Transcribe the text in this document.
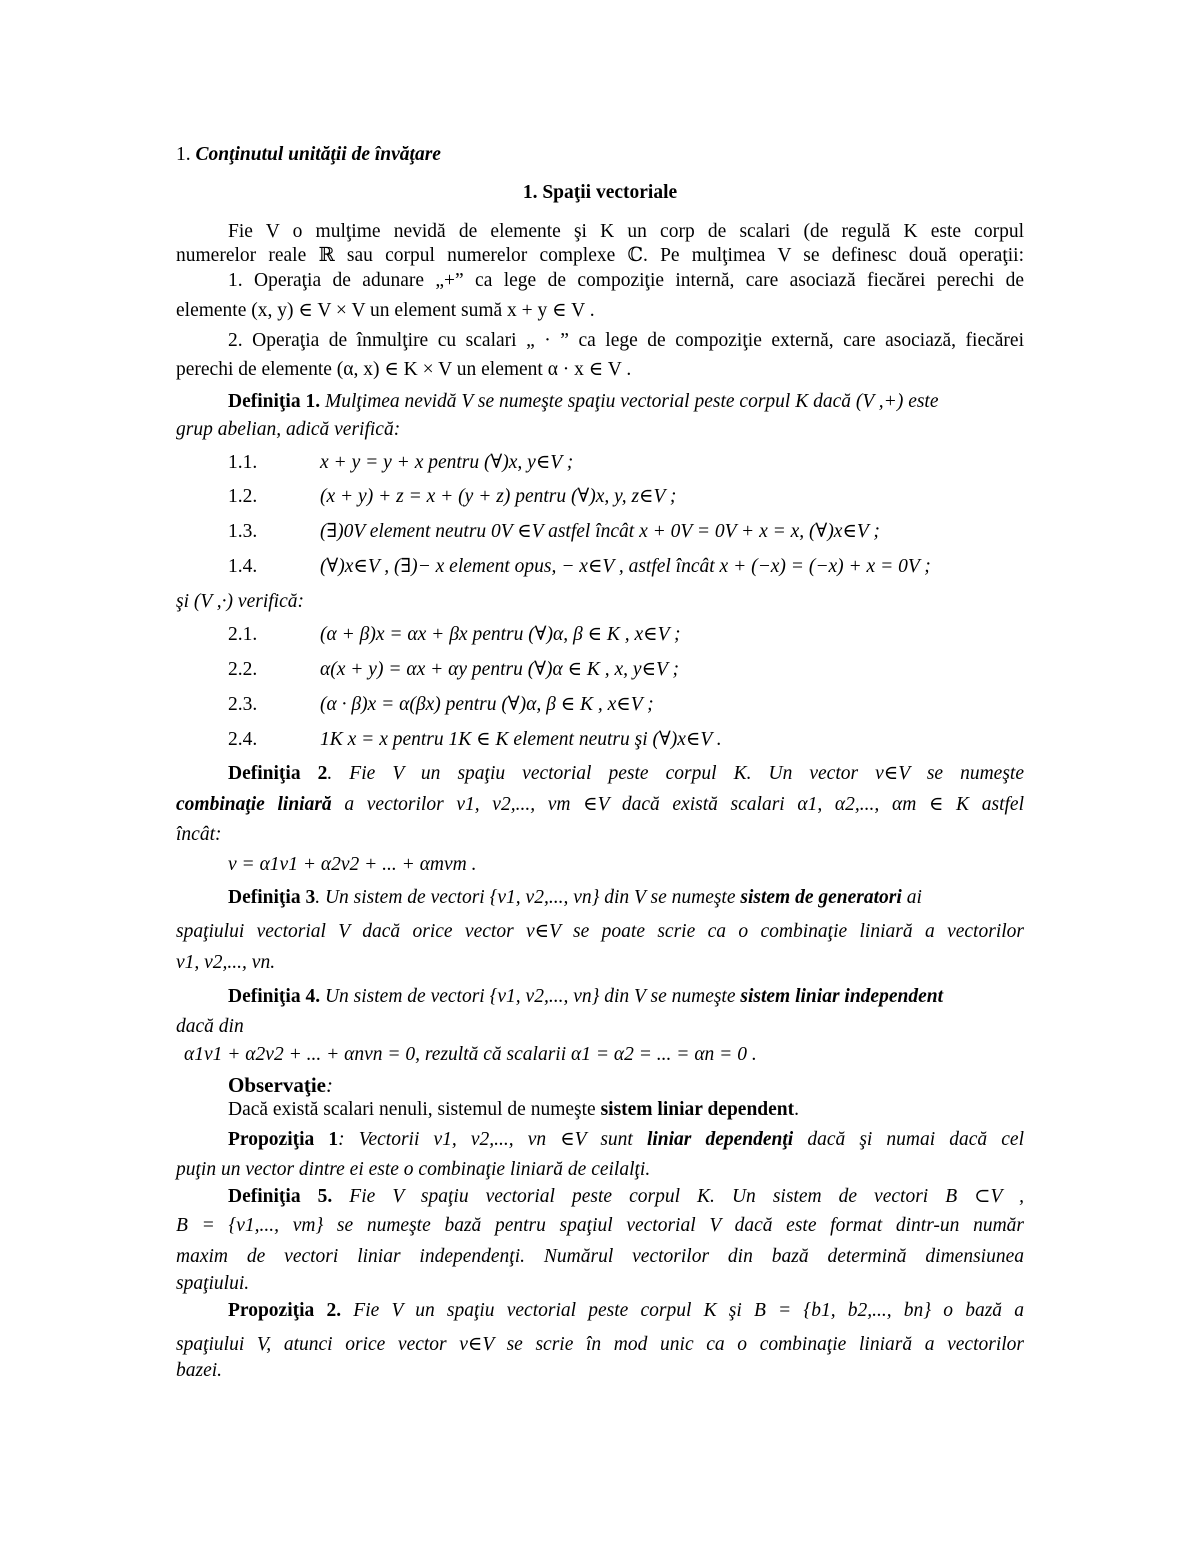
1. Conţinutul unităţii de învăţare
1. Spaţii vectoriale
Fie V o mulţime nevidă de elemente şi K un corp de scalari (de regulă K este corpul
numerelor reale ℝ sau corpul numerelor complexe ℂ. Pe mulţimea V se definesc două operaţii:
1. Operaţia de adunare „+” ca lege de compoziţie internă, care asociază fiecărei perechi de
elemente (x, y) ∈ V × V un element sumă x + y ∈ V .
2. Operaţia de înmulţire cu scalari „ · ” ca lege de compoziţie externă, care asociază, fiecărei
perechi de elemente (α, x) ∈ K × V un element α · x ∈ V .
Definiţia 1. Mulţimea nevidă V se numeşte spaţiu vectorial peste corpul K dacă (V ,+) este
grup abelian, adică verifică:
1.1.	x + y = y + x pentru (∀)x, y∈V ;
1.2.	(x + y) + z = x + (y + z) pentru (∀)x, y, z∈V ;
1.3.	(∃)0V element neutru 0V ∈V astfel încât x + 0V = 0V + x = x, (∀)x∈V ;
1.4.	(∀)x∈V , (∃)− x element opus, − x∈V , astfel încât x + (−x) = (−x) + x = 0V ;
şi (V ,·) verifică:
2.1.	(α + β)x = αx + βx pentru (∀)α, β ∈ K , x∈V ;
2.2.	α(x + y) = αx + αy pentru (∀)α ∈ K , x, y∈V ;
2.3.	(α · β)x = α(βx) pentru (∀)α, β ∈ K , x∈V ;
2.4.	1K x = x pentru 1K ∈ K element neutru şi (∀)x∈V .
Definiţia 2. Fie V un spaţiu vectorial peste corpul K. Un vector v∈V se numeşte
combinaţie liniară a vectorilor v1, v2,..., vm ∈V dacă există scalari α1, α2,..., αm ∈ K astfel
încât:
v = α1v1 + α2v2 + ... + αmvm .
Definiţia 3. Un sistem de vectori {v1, v2,..., vn} din V se numeşte sistem de generatori ai
spaţiului vectorial V dacă orice vector v∈V se poate scrie ca o combinaţie liniară a vectorilor
v1, v2,..., vn.
Definiţia 4. Un sistem de vectori {v1, v2,..., vn} din V se numeşte sistem liniar independent
dacă din
α1v1 + α2v2 + ... + αnvn = 0, rezultă că scalarii α1 = α2 = ... = αn = 0 .
Observaţie:
Dacă există scalari nenuli, sistemul de numeşte sistem liniar dependent.
Propoziţia 1: Vectorii v1, v2,..., vn ∈V sunt liniar dependenţi dacă şi numai dacă cel
puţin un vector dintre ei este o combinaţie liniară de ceilalţi.
Definiţia 5. Fie V spaţiu vectorial peste corpul K. Un sistem de vectori B ⊂V ,
B = {v1,..., vm} se numeşte bază pentru spaţiul vectorial V dacă este format dintr-un număr
maxim de vectori liniar independenţi. Numărul vectorilor din bază determină dimensiunea
spaţiului.
Propoziţia 2. Fie V un spaţiu vectorial peste corpul K şi B = {b1, b2,..., bn} o bază a
spaţiului V, atunci orice vector v∈V se scrie în mod unic ca o combinaţie liniară a vectorilor
bazei.
